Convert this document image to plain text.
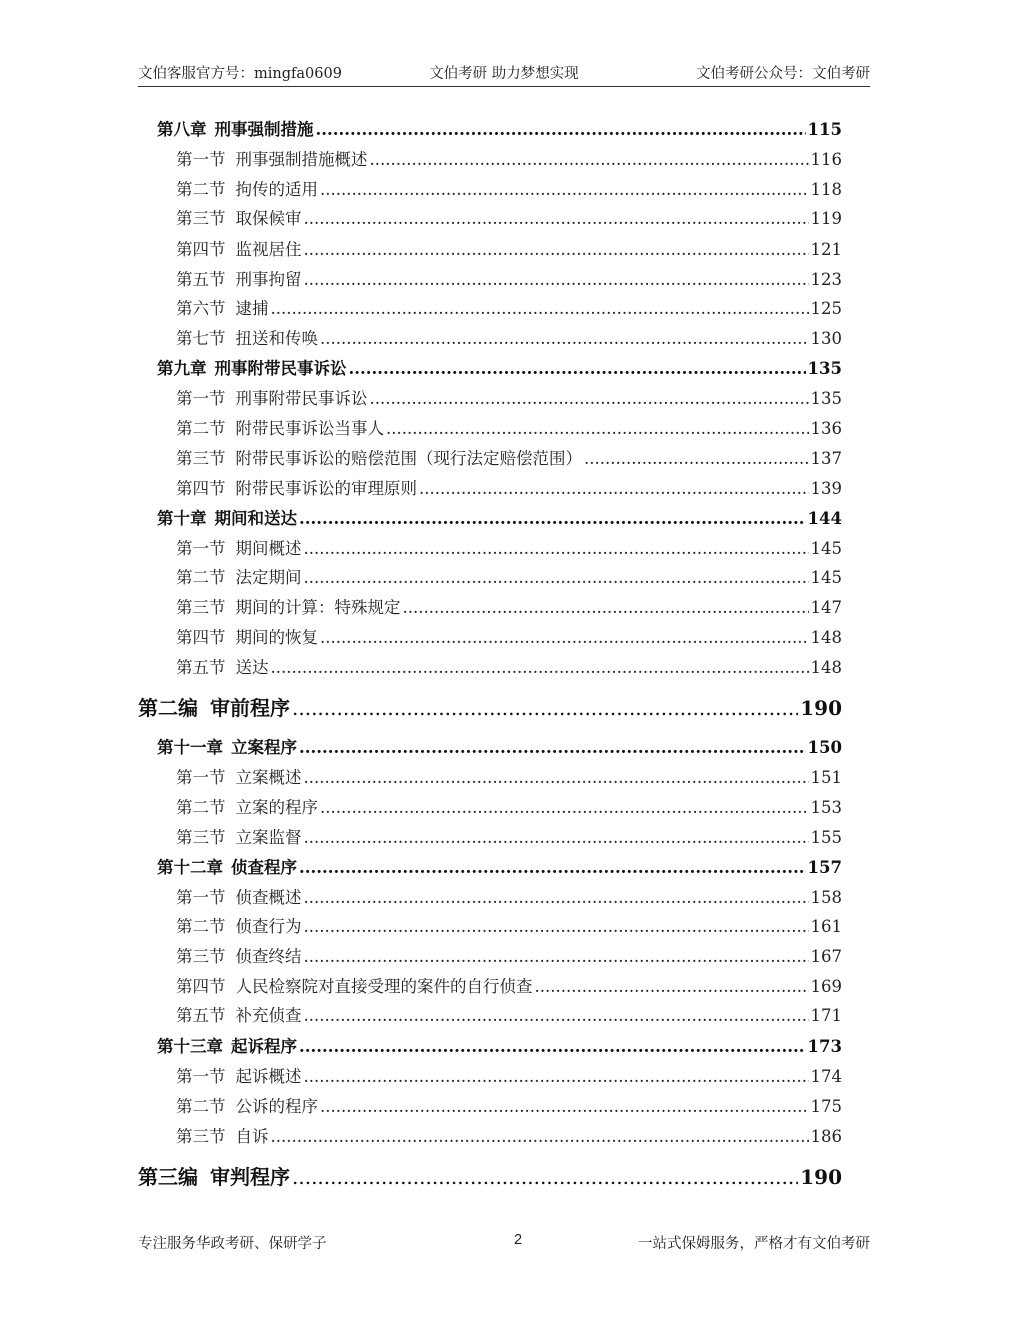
文伯客服官方号：mingfa0609	文伯考研 助力梦想实现	文伯考研公众号：文伯考研
第八章 刑事强制措施 .....	115
第一节 刑事强制措施概述 .....	116
第二节 拘传的适用 .....	118
第三节 取保候审 .....	119
第四节 监视居住 .....	121
第五节 刑事拘留 .....	123
第六节 逮捕 .....	125
第七节 扭送和传唤 .....	130
第九章 刑事附带民事诉讼 .....	135
第一节 刑事附带民事诉讼 .....	135
第二节 附带民事诉讼当事人 .....	136
第三节 附带民事诉讼的赔偿范围（现行法定赔偿范围） .....	137
第四节 附带民事诉讼的审理原则 .....	139
第十章 期间和送达 .....	144
第一节 期间概述 .....	145
第二节 法定期间 .....	145
第三节 期间的计算：特殊规定 .....	147
第四节 期间的恢复 .....	148
第五节 送达 .....	148
第二编 审前程序 .....	190
第十一章 立案程序 .....	150
第一节 立案概述 .....	151
第二节 立案的程序 .....	153
第三节 立案监督 .....	155
第十二章 侦查程序 .....	157
第一节 侦查概述 .....	158
第二节 侦查行为 .....	161
第三节 侦查终结 .....	167
第四节 人民检察院对直接受理的案件的自行侦查 .....	169
第五节 补充侦查 .....	171
第十三章 起诉程序 .....	173
第一节 起诉概述 .....	174
第二节 公诉的程序 .....	175
第三节 自诉 .....	186
第三编 审判程序 .....	190
专注服务华政考研、保研学子	2	一站式保姆服务，严格才有文伯考研
